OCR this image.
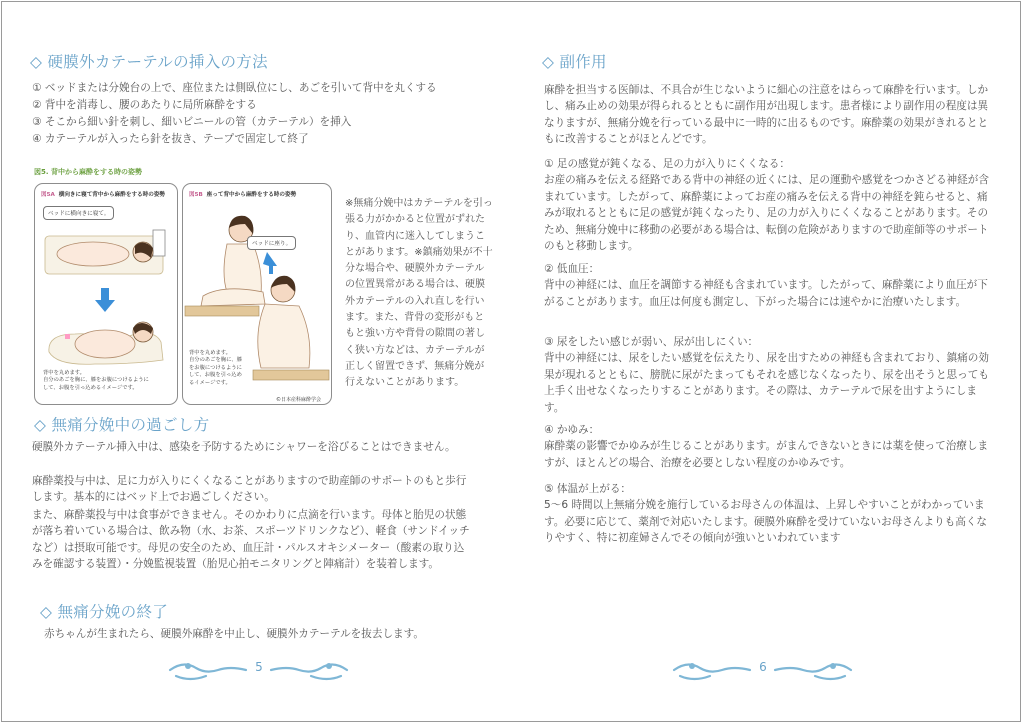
◇ 硬膜外カテーテルの挿入の方法
① ベッドまたは分娩台の上で、座位または側臥位にし、あごを引いて背中を丸くする
② 背中を消毒し、腰のあたりに局所麻酔をする
③ そこから細い針を刺し、細いビニールの管（カテーテル）を挿入
④ カテーテルが入ったら針を抜き、テープで固定して終了
図5. 背中から麻酔をする時の姿勢
図5A 横向きに寝て背中から麻酔をする時の姿勢
ベッドに横向きに寝て。
背中を丸めます。
自分のあごを胸に、膝をお腹につけるように
して、お腹を引っ込めるイメージです。
図5B 座って背中から麻酔をする時の姿勢
ベッドに座り。
背中を丸めます。
自分のあごを胸に、膝
をお腹につけるように
して、お腹を引っ込め
るイメージです。
©日本産科麻酔学会

※無痛分娩中はカテーテルを引っ張る力がかかると位置がずれたり、血管内に迷入してしまうことがあります。※鎮痛効果が不十分な場合や、硬膜外カテーテルの位置異常がある場合は、硬膜外カテーテルの入れ直しを行います。また、背骨の変形がもともと強い方や背骨の隙間の著しく狭い方などは、カテーテルが正しく留置できず、無痛分娩が行えないことがあります。

◇ 無痛分娩中の過ごし方

硬膜外カテーテル挿入中は、感染を予防するためにシャワーを浴びることはできません。

麻酔薬投与中は、足に力が入りにくくなることがありますので助産師のサポートのもと歩行します。基本的にはベッド上でお過ごしください。

また、麻酔薬投与中は食事ができません。そのかわりに点滴を行います。母体と胎児の状態が落ち着いている場合は、飲み物（水、お茶、スポーツドリンクなど）、軽食（サンドイッチなど）は摂取可能です。母児の安全のため、血圧計・パルスオキシメーター（酸素の取り込みを確認する装置）・分娩監視装置（胎児心拍モニタリングと陣痛計）を装着します。

◇ 無痛分娩の終了

赤ちゃんが生まれたら、硬膜外麻酔を中止し、硬膜外カテーテルを抜去します。

5
◇ 副作用

麻酔を担当する医師は、不具合が生じないように細心の注意をはらって麻酔を行います。しかし、痛み止めの効果が得られるとともに副作用が出現します。患者様により副作用の程度は異なりますが、無痛分娩を行っている最中に一時的に出るものです。麻酔薬の効果がきれるとともに改善することがほとんどです。

① 足の感覚が鈍くなる、足の力が入りにくくなる：
お産の痛みを伝える経路である背中の神経の近くには、足の運動や感覚をつかさどる神経が含まれています。したがって、麻酔薬によってお産の痛みを伝える背中の神経を鈍らせると、痛みが取れるとともに足の感覚が鈍くなったり、足の力が入りにくくなることがあります。そのため、無痛分娩中に移動の必要がある場合は、転倒の危険がありますので助産師等のサポートのもと移動します。
② 低血圧：
背中の神経には、血圧を調節する神経も含まれています。したがって、麻酔薬により血圧が下がることがあります。血圧は何度も測定し、下がった場合には速やかに治療いたします。
③ 尿をしたい感じが弱い、尿が出しにくい：
背中の神経には、尿をしたい感覚を伝えたり、尿を出すための神経も含まれており、鎮痛の効果が現れるとともに、膀胱に尿がたまってもそれを感じなくなったり、尿を出そうと思っても上手く出せなくなったりすることがあります。その際は、カテーテルで尿を出すようにします。
④ かゆみ：
麻酔薬の影響でかゆみが生じることがあります。がまんできないときには薬を使って治療しますが、ほとんどの場合、治療を必要としない程度のかゆみです。
⑤ 体温が上がる：
5～6 時間以上無痛分娩を施行しているお母さんの体温は、上昇しやすいことがわかっています。必要に応じて、薬剤で対応いたします。硬膜外麻酔を受けていないお母さんよりも高くなりやすく、特に初産婦さんでその傾向が強いといわれています
6
